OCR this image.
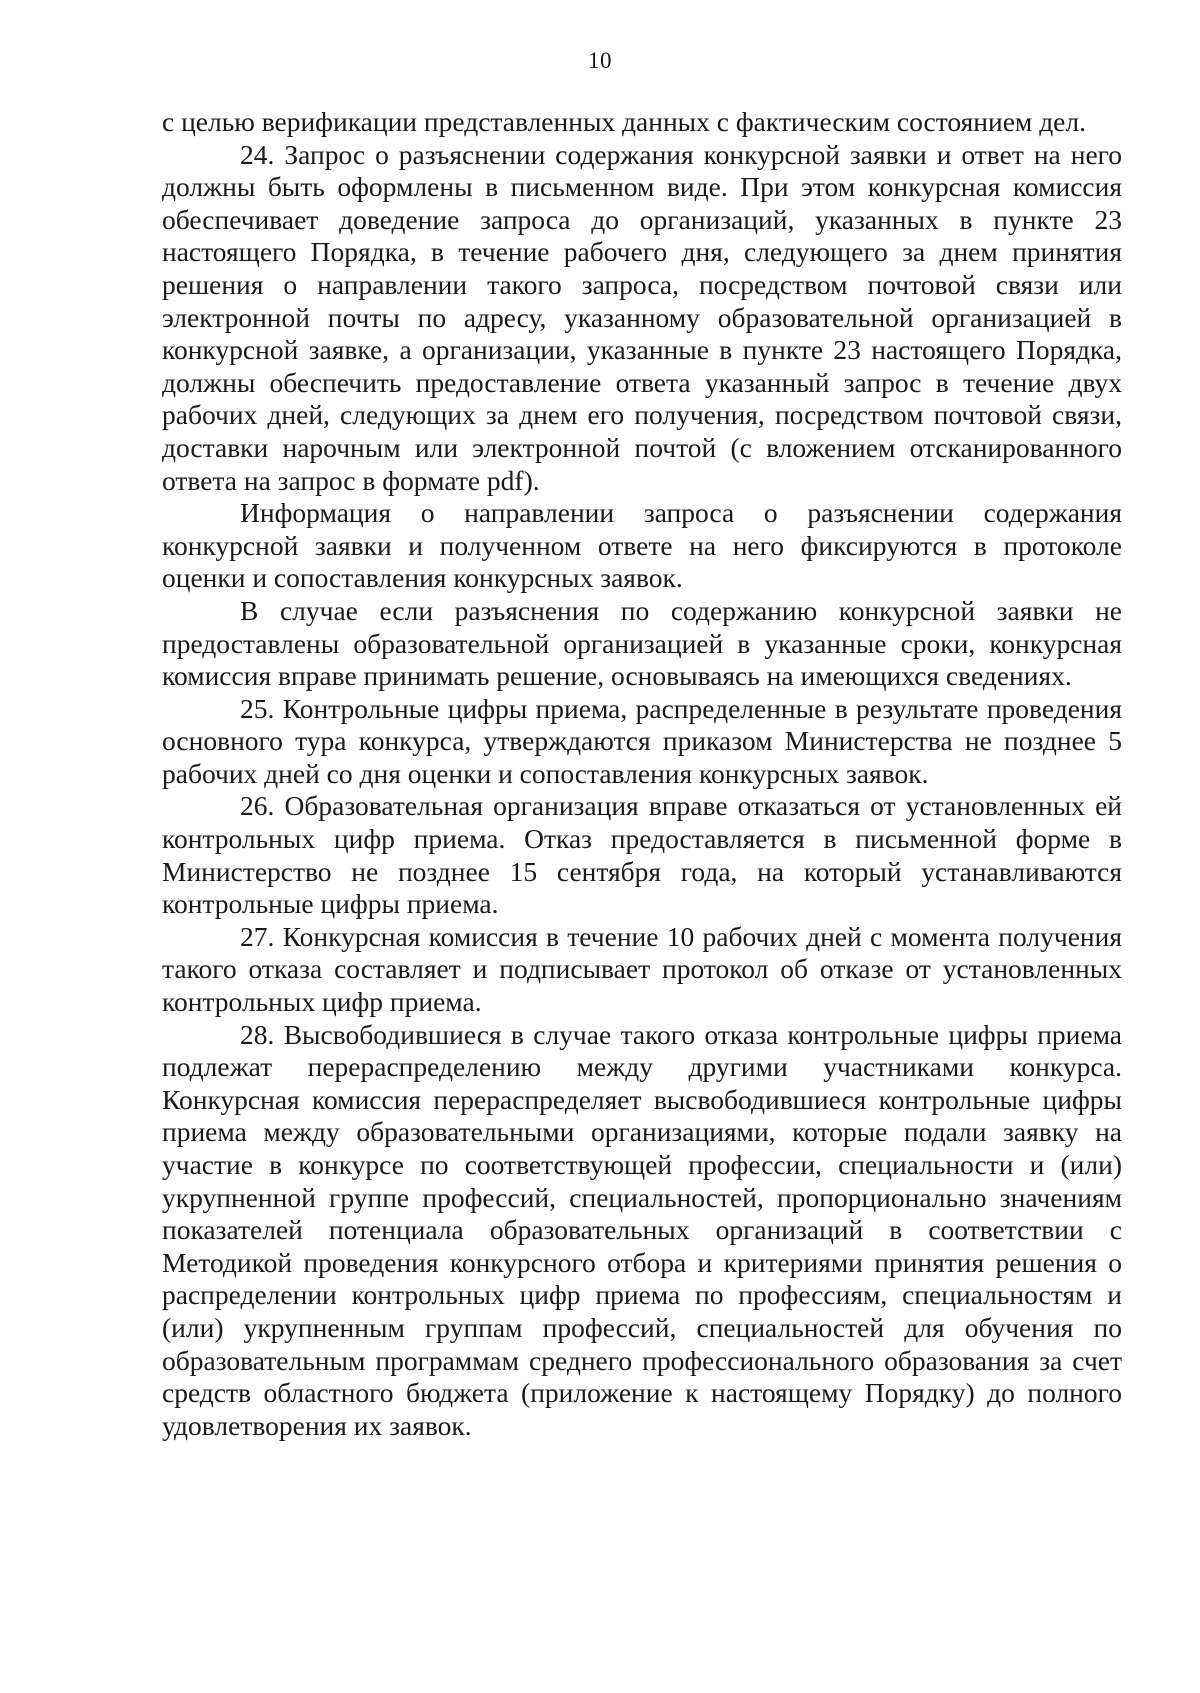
10

с целью верификации представленных данных с фактическим состоянием дел.

24. Запрос о разъяснении содержания конкурсной заявки и ответ на него должны быть оформлены в письменном виде. При этом конкурсная комиссия обеспечивает доведение запроса до организаций, указанных в пункте 23 настоящего Порядка, в течение рабочего дня, следующего за днем принятия решения о направлении такого запроса, посредством почтовой связи или электронной почты по адресу, указанному образовательной организацией в конкурсной заявке, а организации, указанные в пункте 23 настоящего Порядка, должны обеспечить предоставление ответа указанный запрос в течение двух рабочих дней, следующих за днем его получения, посредством почтовой связи, доставки нарочным или электронной почтой (с вложением отсканированного ответа на запрос в формате pdf).

Информация о направлении запроса о разъяснении содержания конкурсной заявки и полученном ответе на него фиксируются в протоколе оценки и сопоставления конкурсных заявок.

В случае если разъяснения по содержанию конкурсной заявки не предоставлены образовательной организацией в указанные сроки, конкурсная комиссия вправе принимать решение, основываясь на имеющихся сведениях.

25. Контрольные цифры приема, распределенные в результате проведения основного тура конкурса, утверждаются приказом Министерства не позднее 5 рабочих дней со дня оценки и сопоставления конкурсных заявок.

26. Образовательная организация вправе отказаться от установленных ей контрольных цифр приема. Отказ предоставляется в письменной форме в Министерство не позднее 15 сентября года, на который устанавливаются контрольные цифры приема.

27. Конкурсная комиссия в течение 10 рабочих дней с момента получения такого отказа составляет и подписывает протокол об отказе от установленных контрольных цифр приема.

28. Высвободившиеся в случае такого отказа контрольные цифры приема подлежат перераспределению между другими участниками конкурса. Конкурсная комиссия перераспределяет высвободившиеся контрольные цифры приема между образовательными организациями, которые подали заявку на участие в конкурсе по соответствующей профессии, специальности и (или) укрупненной группе профессий, специальностей, пропорционально значениям показателей потенциала образовательных организаций в соответствии с Методикой проведения конкурсного отбора и критериями принятия решения о распределении контрольных цифр приема по профессиям, специальностям и (или) укрупненным группам профессий, специальностей для обучения по образовательным программам среднего профессионального образования за счет средств областного бюджета (приложение к настоящему Порядку) до полного удовлетворения их заявок.
